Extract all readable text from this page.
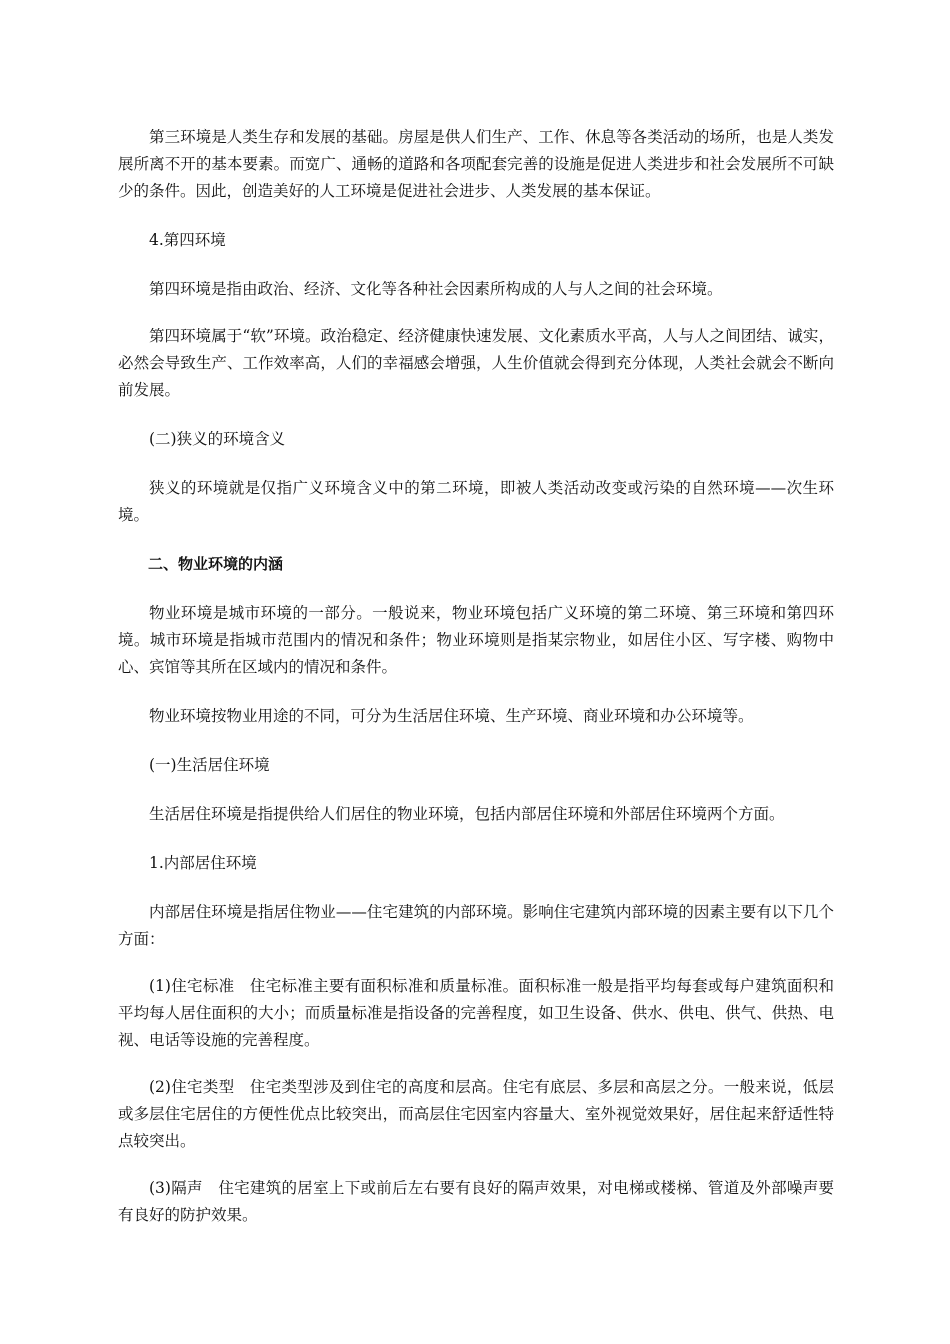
第三环境是人类生存和发展的基础。房屋是供人们生产、工作、休息等各类活动的场所，也是人类发展所离不开的基本要素。而宽广、通畅的道路和各项配套完善的设施是促进人类进步和社会发展所不可缺少的条件。因此，创造美好的人工环境是促进社会进步、人类发展的基本保证。

4.第四环境

第四环境是指由政治、经济、文化等各种社会因素所构成的人与人之间的社会环境。

第四环境属于“软”环境。政治稳定、经济健康快速发展、文化素质水平高，人与人之间团结、诚实，必然会导致生产、工作效率高，人们的幸福感会增强，人生价值就会得到充分体现，人类社会就会不断向前发展。

(二)狭义的环境含义

狭义的环境就是仅指广义环境含义中的第二环境，即被人类活动改变或污染的自然环境——次生环境。

二、物业环境的内涵

物业环境是城市环境的一部分。一般说来，物业环境包括广义环境的第二环境、第三环境和第四环境。城市环境是指城市范围内的情况和条件；物业环境则是指某宗物业，如居住小区、写字楼、购物中心、宾馆等其所在区域内的情况和条件。

物业环境按物业用途的不同，可分为生活居住环境、生产环境、商业环境和办公环境等。

(一)生活居住环境

生活居住环境是指提供给人们居住的物业环境，包括内部居住环境和外部居住环境两个方面。

1.内部居住环境

内部居住环境是指居住物业——住宅建筑的内部环境。影响住宅建筑内部环境的因素主要有以下几个方面：

(1)住宅标准 住宅标准主要有面积标准和质量标准。面积标准一般是指平均每套或每户建筑面积和平均每人居住面积的大小；而质量标准是指设备的完善程度，如卫生设备、供水、供电、供气、供热、电视、电话等设施的完善程度。

(2)住宅类型 住宅类型涉及到住宅的高度和层高。住宅有底层、多层和高层之分。一般来说，低层或多层住宅居住的方便性优点比较突出，而高层住宅因室内容量大、室外视觉效果好，居住起来舒适性特点较突出。

(3)隔声 住宅建筑的居室上下或前后左右要有良好的隔声效果，对电梯或楼梯、管道及外部噪声要有良好的防护效果。
